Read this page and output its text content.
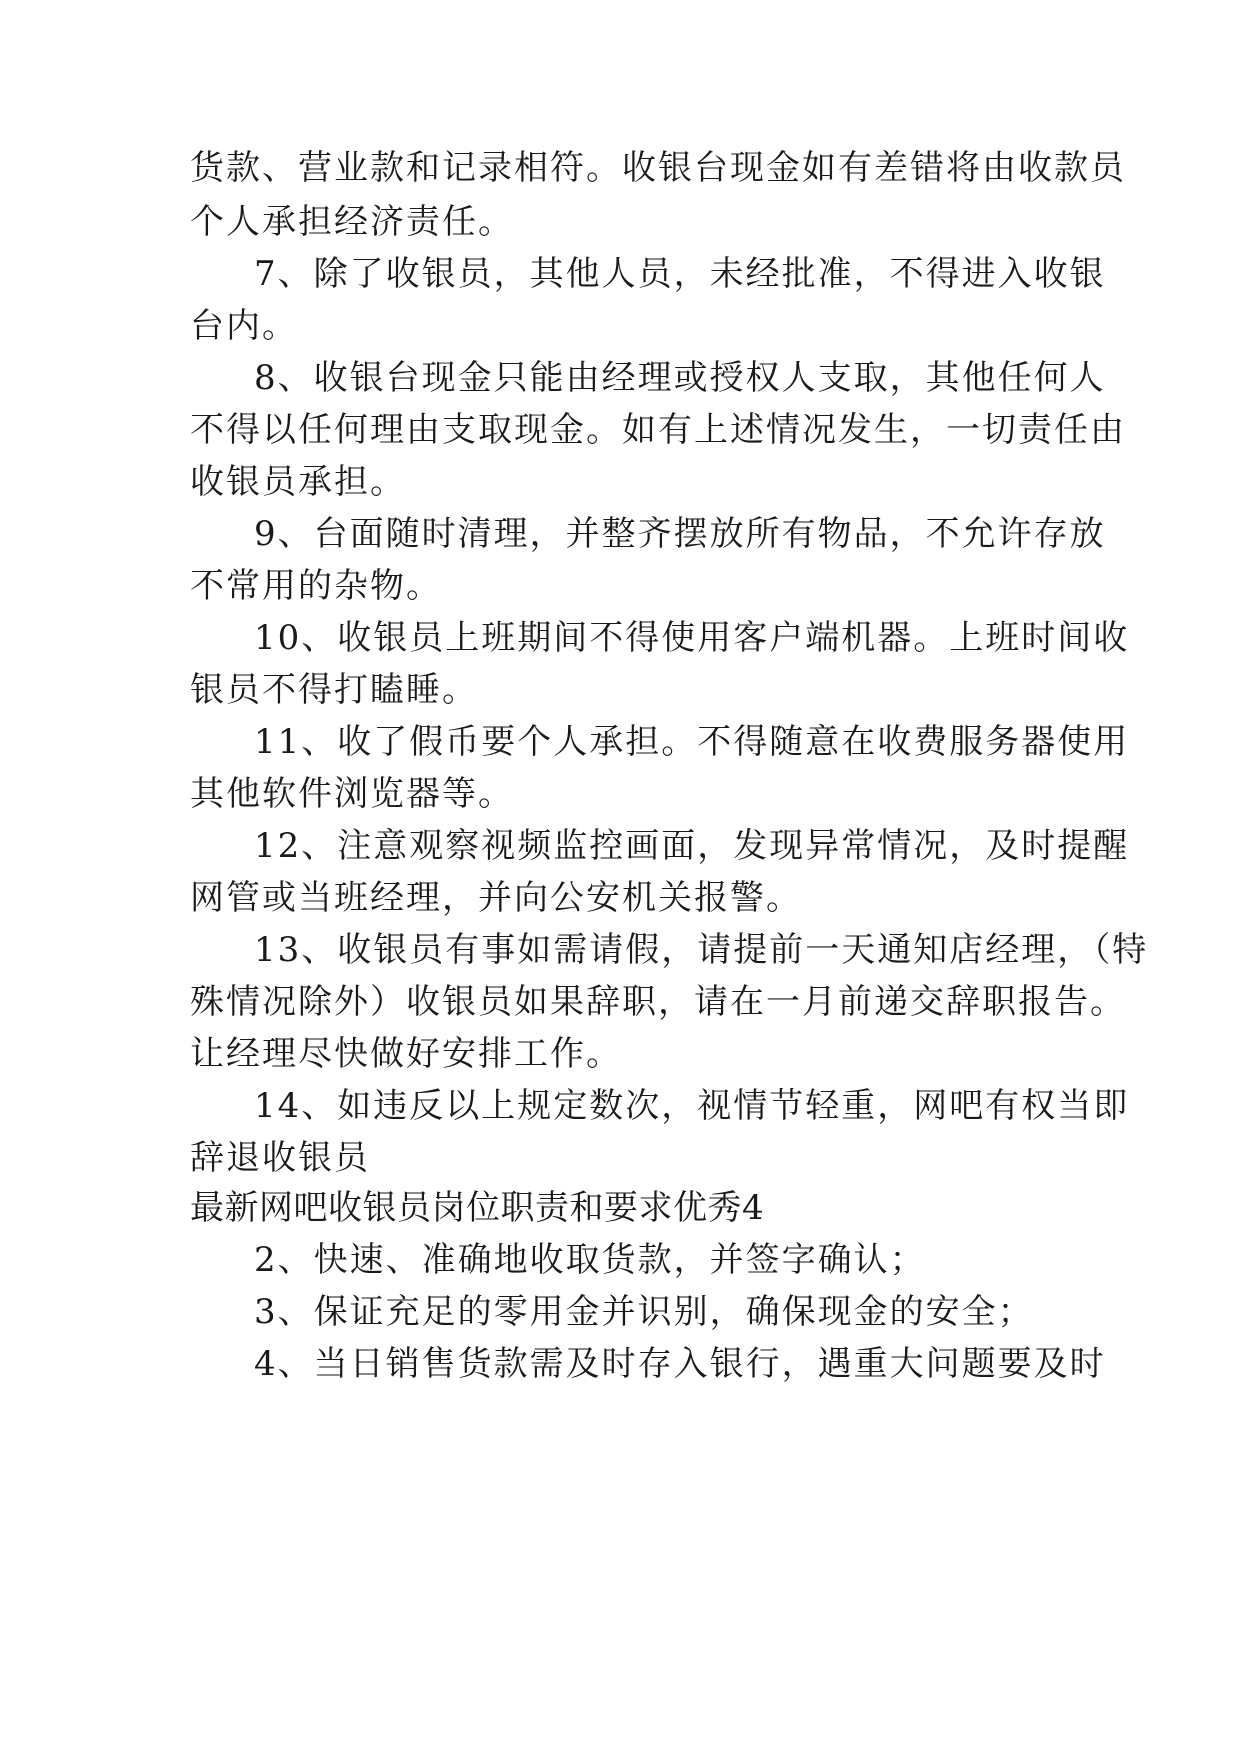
货款、营业款和记录相符。收银台现金如有差错将由收款员
个人承担经济责任。
7、除了收银员，其他人员，未经批准，不得进入收银
台内。
8、收银台现金只能由经理或授权人支取，其他任何人
不得以任何理由支取现金。如有上述情况发生，一切责任由
收银员承担。
9、台面随时清理，并整齐摆放所有物品，不允许存放
不常用的杂物。
10、收银员上班期间不得使用客户端机器。上班时间收
银员不得打瞌睡。
11、收了假币要个人承担。不得随意在收费服务器使用
其他软件浏览器等。
12、注意观察视频监控画面，发现异常情况，及时提醒
网管或当班经理，并向公安机关报警。
13、收银员有事如需请假，请提前一天通知店经理，（特
殊情况除外）收银员如果辞职，请在一月前递交辞职报告。
让经理尽快做好安排工作。
14、如违反以上规定数次，视情节轻重，网吧有权当即
辞退收银员
最新网吧收银员岗位职责和要求优秀4
2、快速、准确地收取货款，并签字确认；
3、保证充足的零用金并识别，确保现金的安全；
4、当日销售货款需及时存入银行，遇重大问题要及时
